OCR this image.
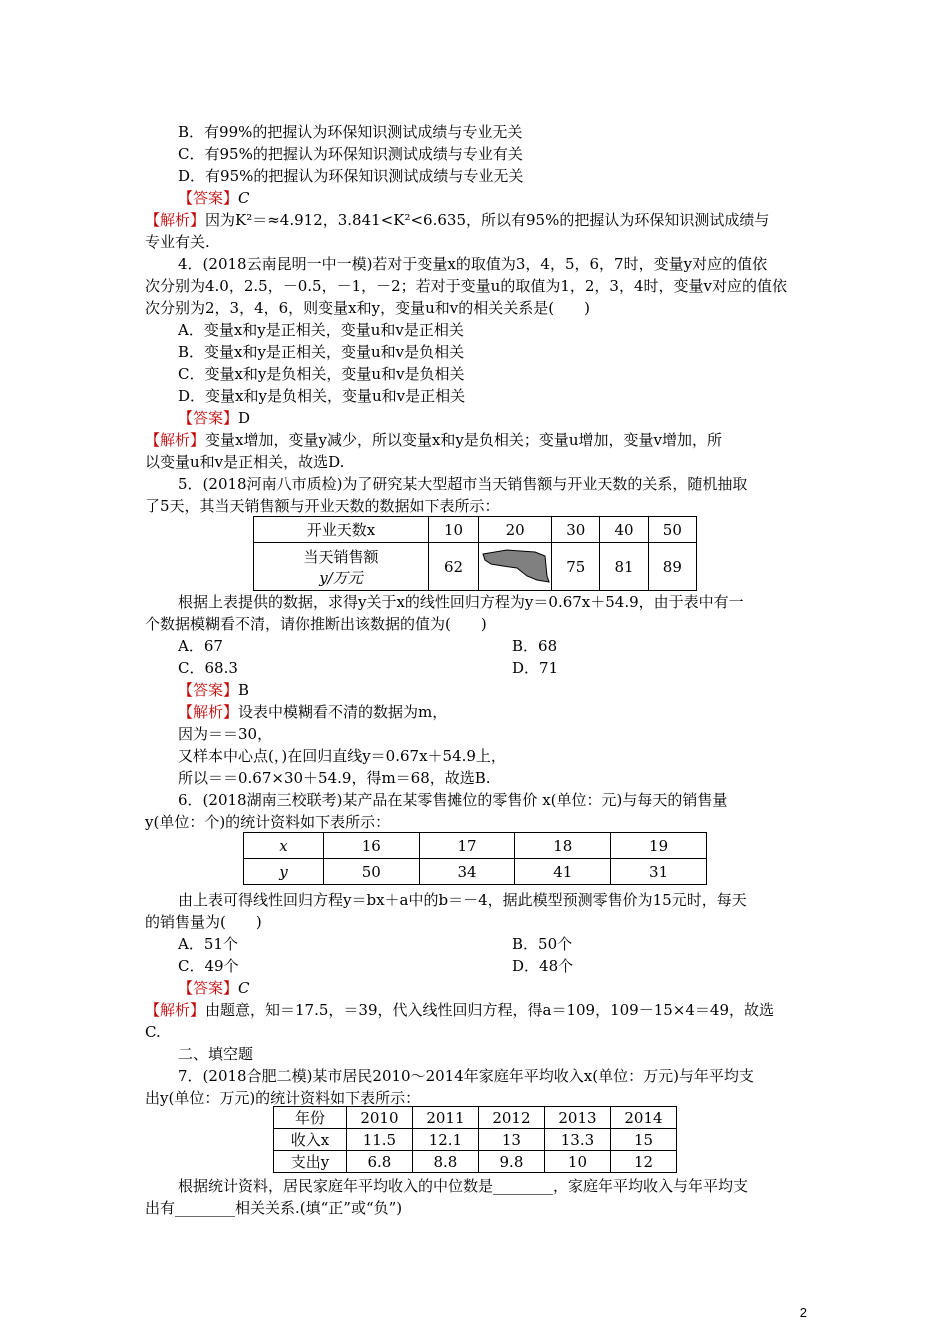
B．有99%的把握认为环保知识测试成绩与专业无关
C．有95%的把握认为环保知识测试成绩与专业有关
D．有95%的把握认为环保知识测试成绩与专业无关
【答案】C
【解析】因为K²＝≈4.912，3.841<K²<6.635，所以有95%的把握认为环保知识测试成绩与
专业有关.
4．(2018云南昆明一中一模)若对于变量x的取值为3，4，5，6，7时，变量y对应的值依
次分别为4.0，2.5，－0.5，－1，－2；若对于变量u的取值为1，2，3，4时，变量v对应的值依
次分别为2，3，4，6，则变量x和y，变量u和v的相关关系是(　　)
A．变量x和y是正相关，变量u和v是正相关
B．变量x和y是正相关，变量u和v是负相关
C．变量x和y是负相关，变量u和v是负相关
D．变量x和y是负相关，变量u和v是正相关
【答案】D
【解析】变量x增加，变量y减少，所以变量x和y是负相关；变量u增加，变量v增加，所
以变量u和v是正相关，故选D.
5．(2018河南八市质检)为了研究某大型超市当天销售额与开业天数的关系，随机抽取
了5天，其当天销售额与开业天数的数据如下表所示：
开业天数x	10	20	30	40	50

当天销售额
y/万元	62		75	81	89
根据上表提供的数据，求得y关于x的线性回归方程为y＝0.67x＋54.9，由于表中有一
个数据模糊看不清，请你推断出该数据的值为(　　)
A．67	B．68
C．68.3	D．71
【答案】B
【解析】设表中模糊看不清的数据为m，
因为＝＝30，
又样本中心点(，)在回归直线y＝0.67x＋54.9上，
所以＝＝0.67×30＋54.9，得m＝68，故选B.
6．(2018湖南三校联考)某产品在某零售摊位的零售价 x(单位：元)与每天的销售量
y(单位：个)的统计资料如下表所示：
x	16	17	18	19
y	50	34	41	31
由上表可得线性回归方程y＝bx＋a中的b＝－4，据此模型预测零售价为15元时，每天
的销售量为(　　)
A．51个	B．50个
C．49个	D．48个
【答案】C
【解析】由题意，知＝17.5，＝39，代入线性回归方程，得a＝109，109－15×4＝49，故选
C.
二、填空题
7．(2018合肥二模)某市居民2010～2014年家庭年平均收入x(单位：万元)与年平均支
出y(单位：万元)的统计资料如下表所示：
年份	2010	2011	2012	2013	2014
收入x	11.5	12.1	13	13.3	15
支出y	6.8	8.8	9.8	10	12
根据统计资料，居民家庭年平均收入的中位数是________，家庭年平均收入与年平均支
出有________相关关系.(填“正”或“负”)
2
